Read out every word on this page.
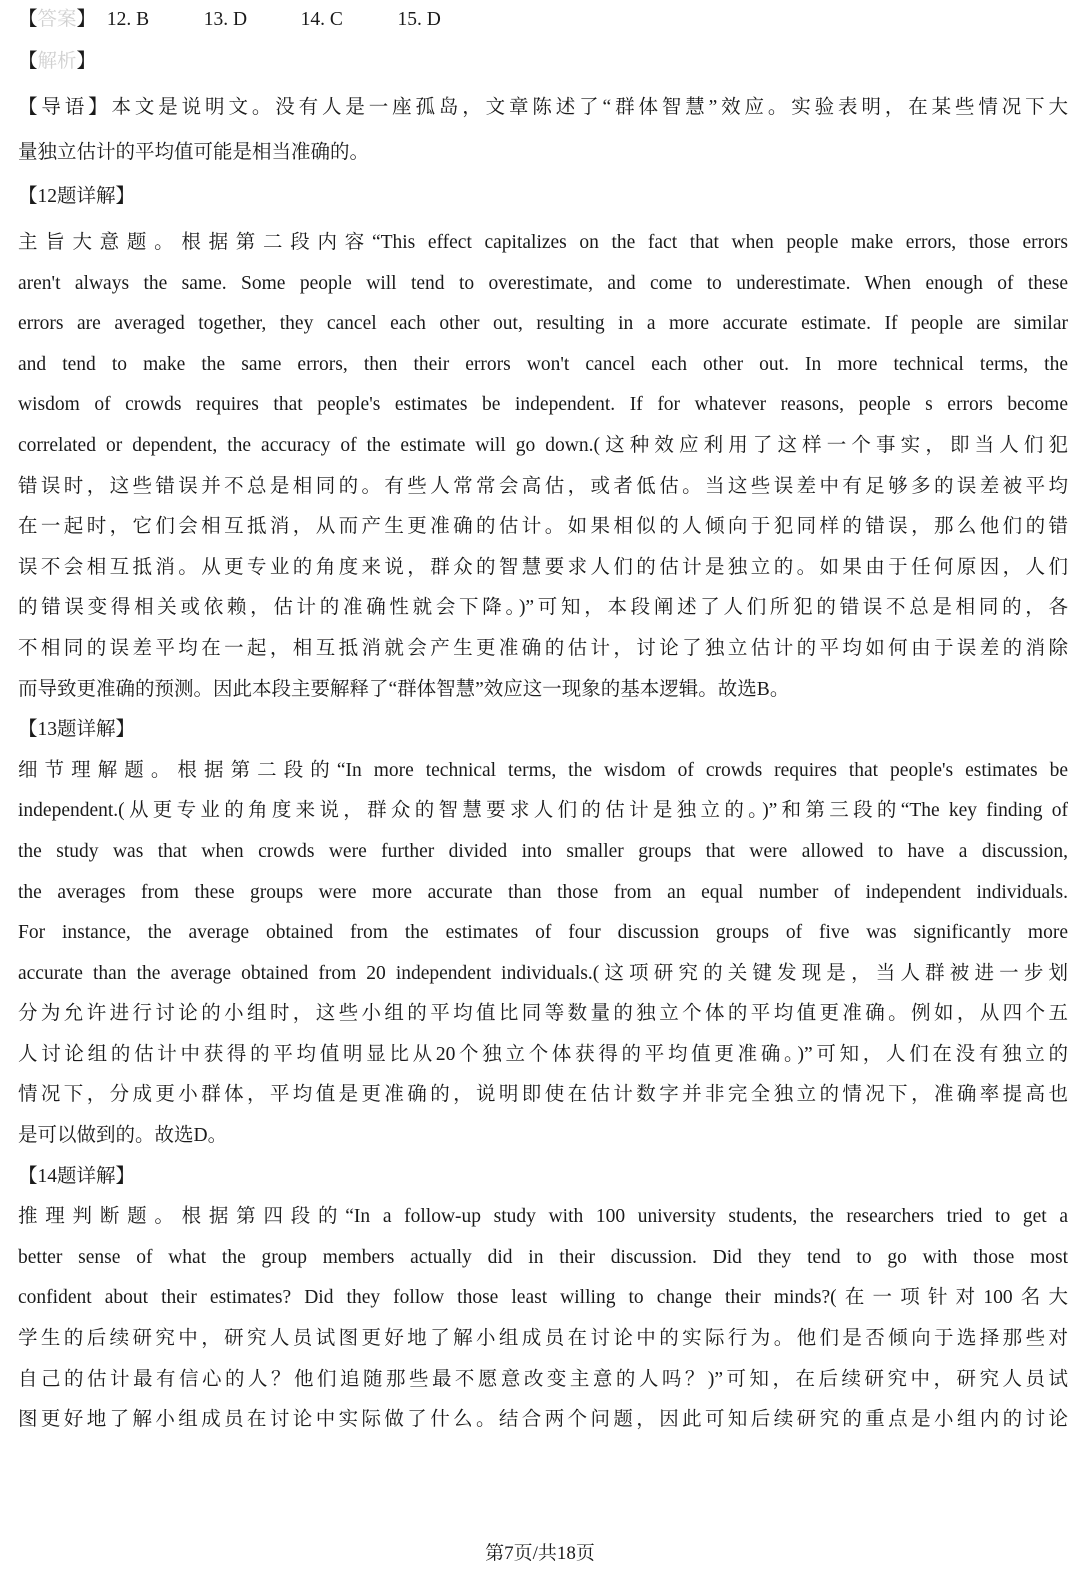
【答案】 12. B	13. D	14. C	15. D
【解析】
【导语】本文是说明文。没有人是一座孤岛，文章陈述了“群体智慧”效应。实验表明，在某些情况下大
量独立估计的平均值可能是相当准确的。
【12题详解】
主旨大意题。根据第二段内容“This effect capitalizes on the fact that when people make errors, those errors
aren't always the same. Some people will tend to overestimate, and come to underestimate. When enough of these
errors are averaged together, they cancel each other out, resulting in a more accurate estimate. If people are similar
and tend to make the same errors, then their errors won't cancel each other out. In more technical terms, the
wisdom of crowds requires that people's estimates be independent. If for whatever reasons, people s errors become
correlated or dependent, the accuracy of the estimate will go down.(这种效应利用了这样一个事实，即当人们犯
错误时，这些错误并不总是相同的。有些人常常会高估，或者低估。当这些误差中有足够多的误差被平均
在一起时，它们会相互抵消，从而产生更准确的估计。如果相似的人倾向于犯同样的错误，那么他们的错
误不会相互抵消。从更专业的角度来说，群众的智慧要求人们的估计是独立的。如果由于任何原因，人们
的错误变得相关或依赖，估计的准确性就会下降。)”可知，本段阐述了人们所犯的错误不总是相同的，各
不相同的误差平均在一起，相互抵消就会产生更准确的估计，讨论了独立估计的平均如何由于误差的消除
而导致更准确的预测。因此本段主要解释了“群体智慧”效应这一现象的基本逻辑。故选B。
【13题详解】
细节理解题。根据第二段的“In more technical terms, the wisdom of crowds requires that people's estimates be
independent.(从更专业的角度来说，群众的智慧要求人们的估计是独立的。)”和第三段的“The key finding of
the study was that when crowds were further divided into smaller groups that were allowed to have a discussion,
the averages from these groups were more accurate than those from an equal number of independent individuals.
For instance, the average obtained from the estimates of four discussion groups of five was significantly more
accurate than the average obtained from 20 independent individuals.(这项研究的关键发现是，当人群被进一步划
分为允许进行讨论的小组时，这些小组的平均值比同等数量的独立个体的平均值更准确。例如，从四个五
人讨论组的估计中获得的平均值明显比从20个独立个体获得的平均值更准确。)”可知，人们在没有独立的
情况下，分成更小群体，平均值是更准确的，说明即使在估计数字并非完全独立的情况下，准确率提高也
是可以做到的。故选D。
【14题详解】
推理判断题。根据第四段的“In a follow-up study with 100 university students, the researchers tried to get a
better sense of what the group members actually did in their discussion. Did they tend to go with those most
confident about their estimates? Did they follow those least willing to change their minds?(在一项针对100名大
学生的后续研究中，研究人员试图更好地了解小组成员在讨论中的实际行为。他们是否倾向于选择那些对
自己的估计最有信心的人？他们追随那些最不愿意改变主意的人吗？)”可知，在后续研究中，研究人员试
图更好地了解小组成员在讨论中实际做了什么。结合两个问题，因此可知后续研究的重点是小组内的讨论
第7页/共18页
